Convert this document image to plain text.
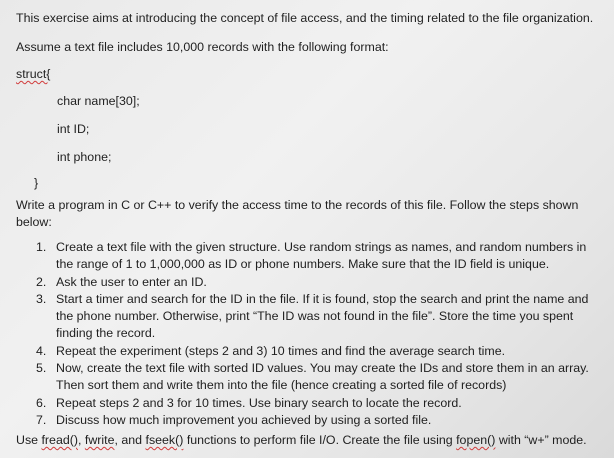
This exercise aims at introducing the concept of file access, and the timing related to the file organization.
Assume a text file includes 10,000 records with the following format:
struct{
char name[30];
int ID;
int phone;
}
Write a program in C or C++ to verify the access time to the records of this file. Follow the steps shown
below:
1. Create a text file with the given structure. Use random strings as names, and random numbers in the range of 1 to 1,000,000 as ID or phone numbers. Make sure that the ID field is unique.
2. Ask the user to enter an ID.
3. Start a timer and search for the ID in the file. If it is found, stop the search and print the name and the phone number. Otherwise, print “The ID was not found in the file”. Store the time you spent finding the record.
4. Repeat the experiment (steps 2 and 3) 10 times and find the average search time.
5. Now, create the text file with sorted ID values. You may create the IDs and store them in an array. Then sort them and write them into the file (hence creating a sorted file of records)
6. Repeat steps 2 and 3 for 10 times. Use binary search to locate the record.
7. Discuss how much improvement you achieved by using a sorted file.
Use fread(), fwrite, and fseek() functions to perform file I/O. Create the file using fopen() with “w+” mode.
